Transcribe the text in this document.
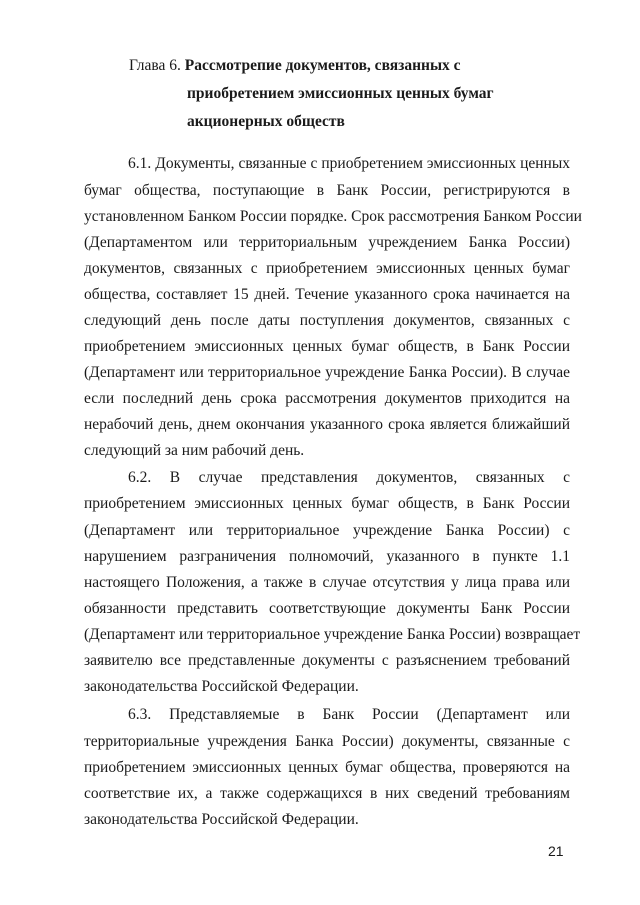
Глава 6. Рассмотрепие документов, связанных с
приобретением эмиссионных ценных бумаг
акционерных обществ
6.1. Документы, связанные с приобретением эмиссионных ценных
бумаг общества, поступающие в Банк России, регистрируются в
установленном Банком России порядке. Срок рассмотрения Банком России
(Департаментом или территориальным учреждением Банка России)
документов, связанных с приобретением эмиссионных ценных бумаг
общества, составляет 15 дней. Течение указанного срока начинается на
следующий день после даты поступления документов, связанных с
приобретением эмиссионных ценных бумаг обществ, в Банк России
(Департамент или территориальное учреждение Банка России). В случае
если последний день срока рассмотрения документов приходится на
нерабочий день, днем окончания указанного срока является ближайший
следующий за ним рабочий день.
6.2. В случае представления документов, связанных с
приобретением эмиссионных ценных бумаг обществ, в Банк России
(Департамент или территориальное учреждение Банка России) с
нарушением разграничения полномочий, указанного в пункте 1.1
настоящего Положения, а также в случае отсутствия у лица права или
обязанности представить соответствующие документы Банк России
(Департамент или территориальное учреждение Банка России) возвращает
заявителю все представленные документы с разъяснением требований
законодательства Российской Федерации.
6.3. Представляемые в Банк России (Департамент или
территориальные учреждения Банка России) документы, связанные с
приобретением эмиссионных ценных бумаг общества, проверяются на
соответствие их, а также содержащихся в них сведений требованиям
законодательства Российской Федерации.
21
